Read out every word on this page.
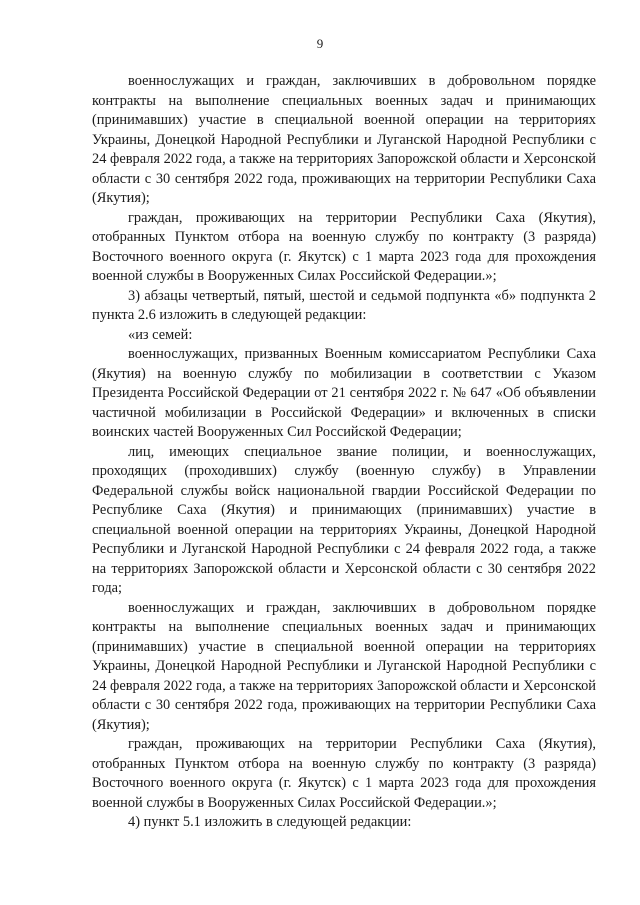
9

военнослужащих и граждан, заключивших в добровольном порядке контракты на выполнение специальных военных задач и принимающих (принимавших) участие в специальной военной операции на территориях Украины, Донецкой Народной Республики и Луганской Народной Республики с 24 февраля 2022 года, а также на территориях Запорожской области и Херсонской области с 30 сентября 2022 года, проживающих на территории Республики Саха (Якутия);

граждан, проживающих на территории Республики Саха (Якутия), отобранных Пунктом отбора на военную службу по контракту (3 разряда) Восточного военного округа (г. Якутск) с 1 марта 2023 года для прохождения военной службы в Вооруженных Силах Российской Федерации.»;

3) абзацы четвертый, пятый, шестой и седьмой подпункта «б» подпункта 2 пункта 2.6 изложить в следующей редакции:

«из семей:

военнослужащих, призванных Военным комиссариатом Республики Саха (Якутия) на военную службу по мобилизации в соответствии с Указом Президента Российской Федерации от 21 сентября 2022 г. № 647 «Об объявлении частичной мобилизации в Российской Федерации» и включенных в списки воинских частей Вооруженных Сил Российской Федерации;

лиц, имеющих специальное звание полиции, и военнослужащих, проходящих (проходивших) службу (военную службу) в Управлении Федеральной службы войск национальной гвардии Российской Федерации по Республике Саха (Якутия) и принимающих (принимавших) участие в специальной военной операции на территориях Украины, Донецкой Народной Республики и Луганской Народной Республики с 24 февраля 2022 года, а также на территориях Запорожской области и Херсонской области с 30 сентября 2022 года;

военнослужащих и граждан, заключивших в добровольном порядке контракты на выполнение специальных военных задач и принимающих (принимавших) участие в специальной военной операции на территориях Украины, Донецкой Народной Республики и Луганской Народной Республики с 24 февраля 2022 года, а также на территориях Запорожской области и Херсонской области с 30 сентября 2022 года, проживающих на территории Республики Саха (Якутия);

граждан, проживающих на территории Республики Саха (Якутия), отобранных Пунктом отбора на военную службу по контракту (3 разряда) Восточного военного округа (г. Якутск) с 1 марта 2023 года для прохождения военной службы в Вооруженных Силах Российской Федерации.»;

4) пункт 5.1 изложить в следующей редакции:
